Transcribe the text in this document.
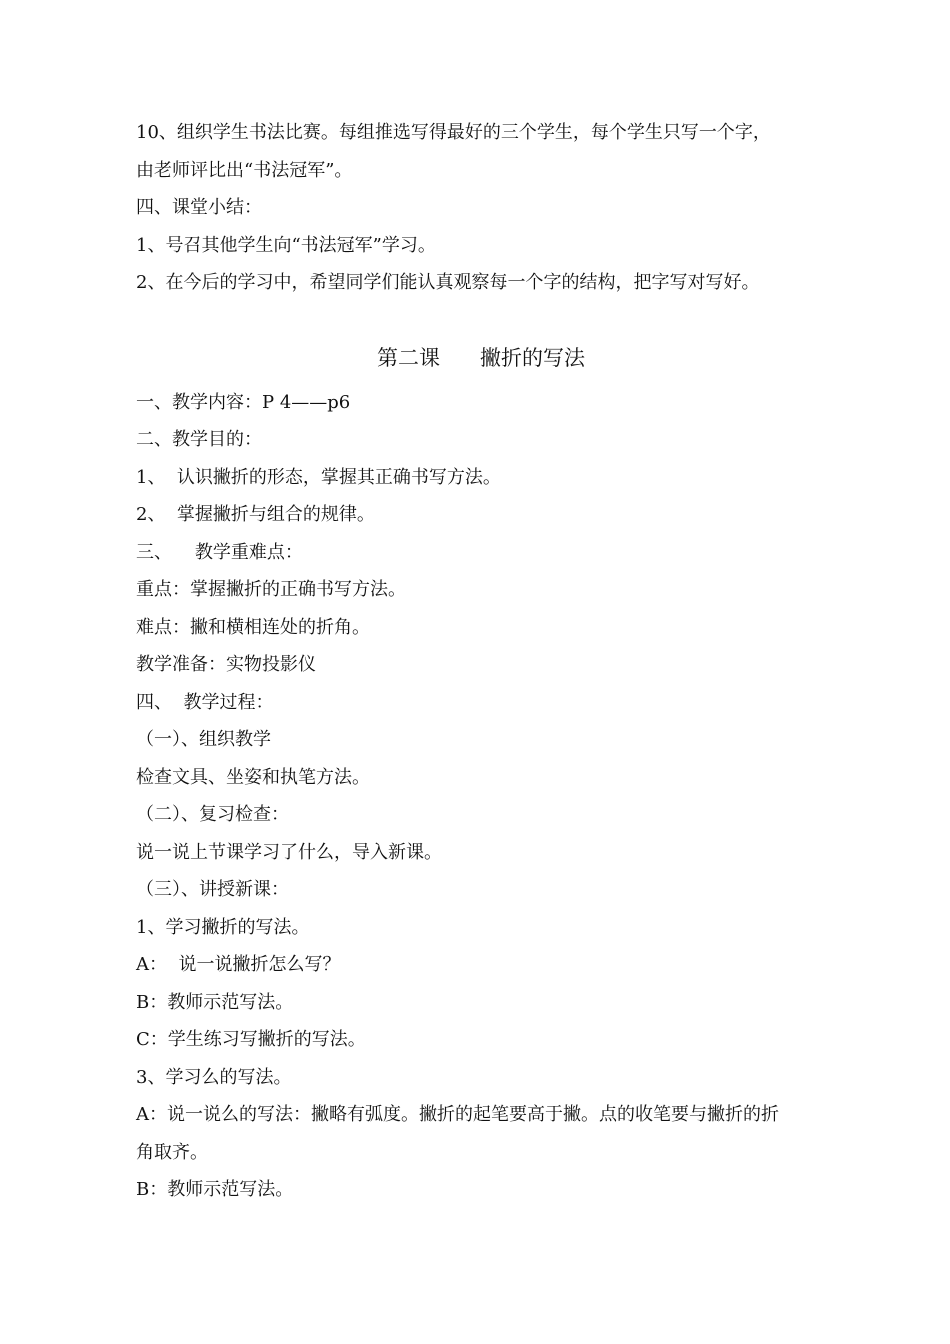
10、组织学生书法比赛。每组推选写得最好的三个学生，每个学生只写一个字，

由老师评比出“书法冠军”。

四、课堂小结：

1、号召其他学生向“书法冠军”学习。

2、在今后的学习中，希望同学们能认真观察每一个字的结构，把字写对写好。

第二课      撇折的写法

一、教学内容：P 4——p6

二、教学目的：

1、  认识撇折的形态，掌握其正确书写方法。

2、  掌握撇折与组合的规律。

三、    教学重难点：

重点：掌握撇折的正确书写方法。

难点：撇和横相连处的折角。

教学准备：实物投影仪

四、  教学过程：

（一）、组织教学

检查文具、坐姿和执笔方法。

（二）、复习检查：

说一说上节课学习了什么，导入新课。

（三）、讲授新课：

1、学习撇折的写法。

A：  说一说撇折怎么写？

B：教师示范写法。

C：学生练习写撇折的写法。

3、学习么的写法。

A：说一说么的写法：撇略有弧度。撇折的起笔要高于撇。点的收笔要与撇折的折

角取齐。

B：教师示范写法。
